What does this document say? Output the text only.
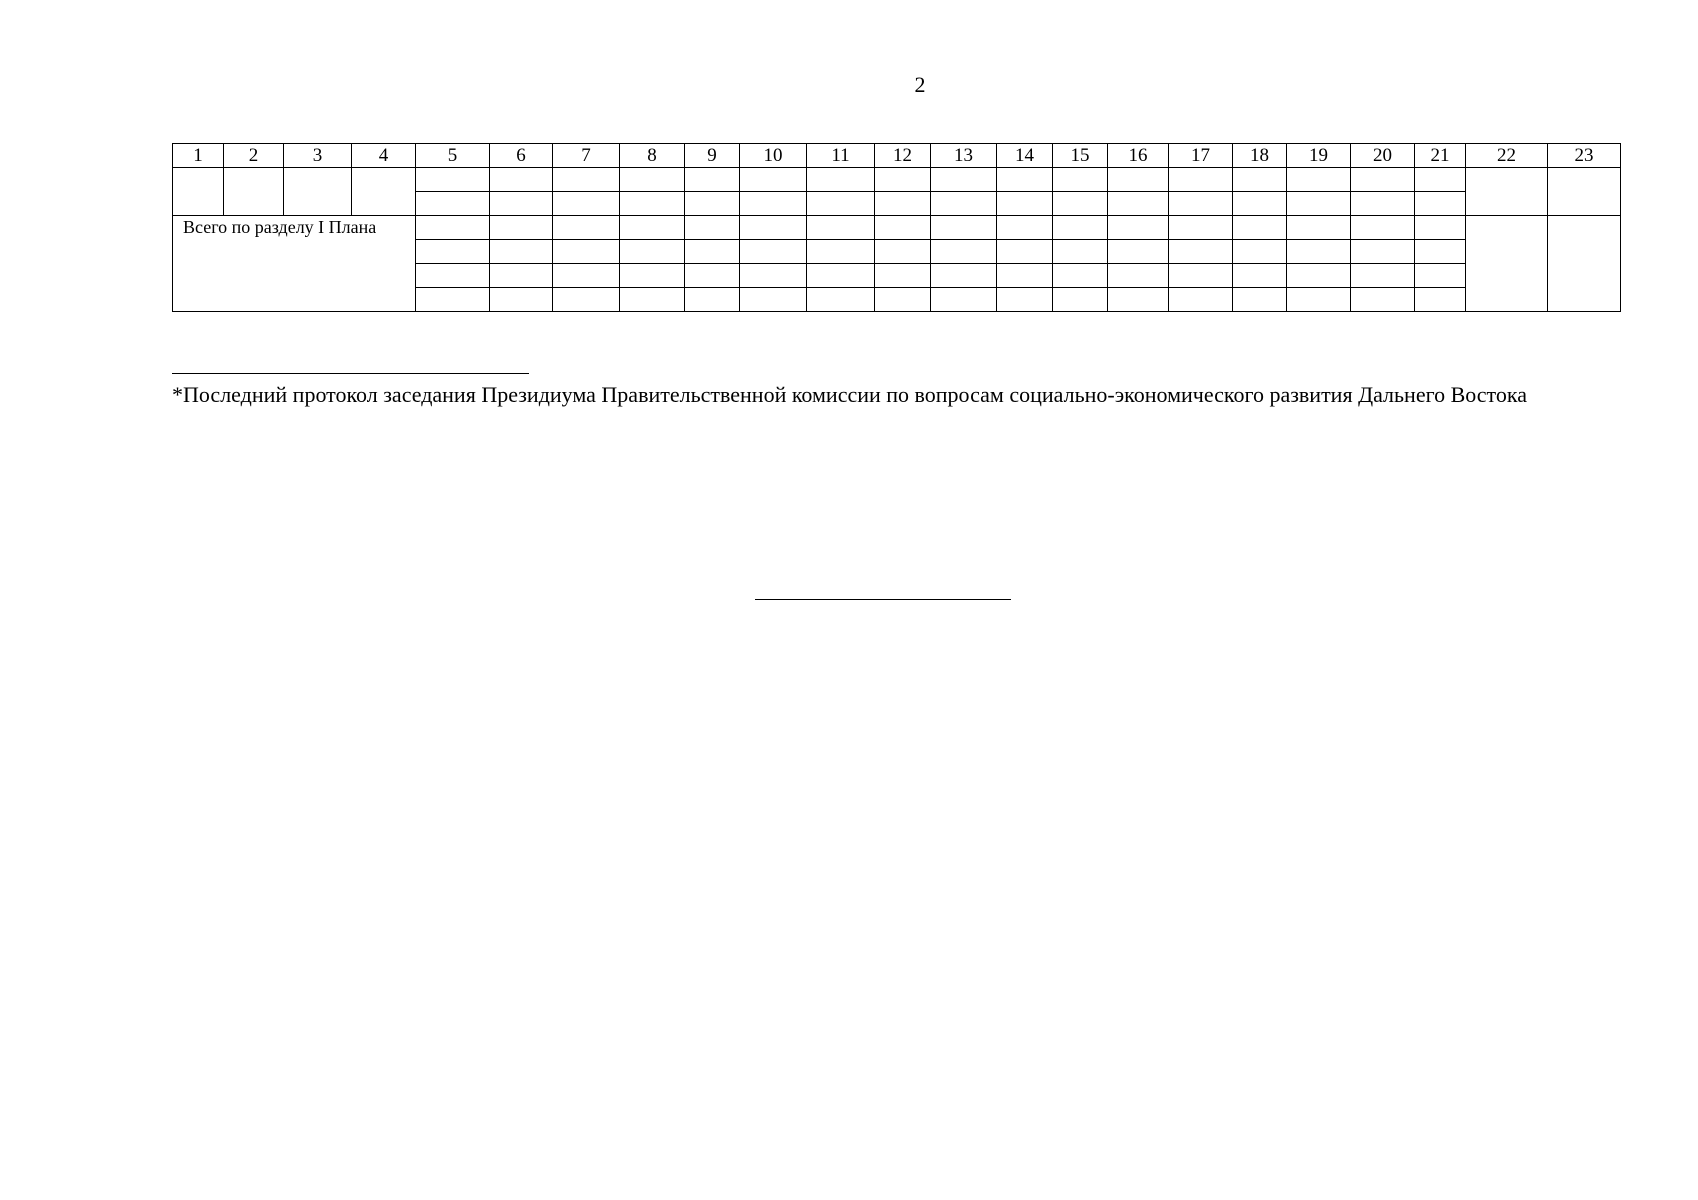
2
1	2	3	4	5	6	7	8	9	10	11	12	13	14	15	16	17	18	19	20	21	22	23

Всего по разделу I Плана																						

*Последний протокол заседания Президиума Правительственной комиссии по вопросам социально-экономического развития Дальнего Востока
